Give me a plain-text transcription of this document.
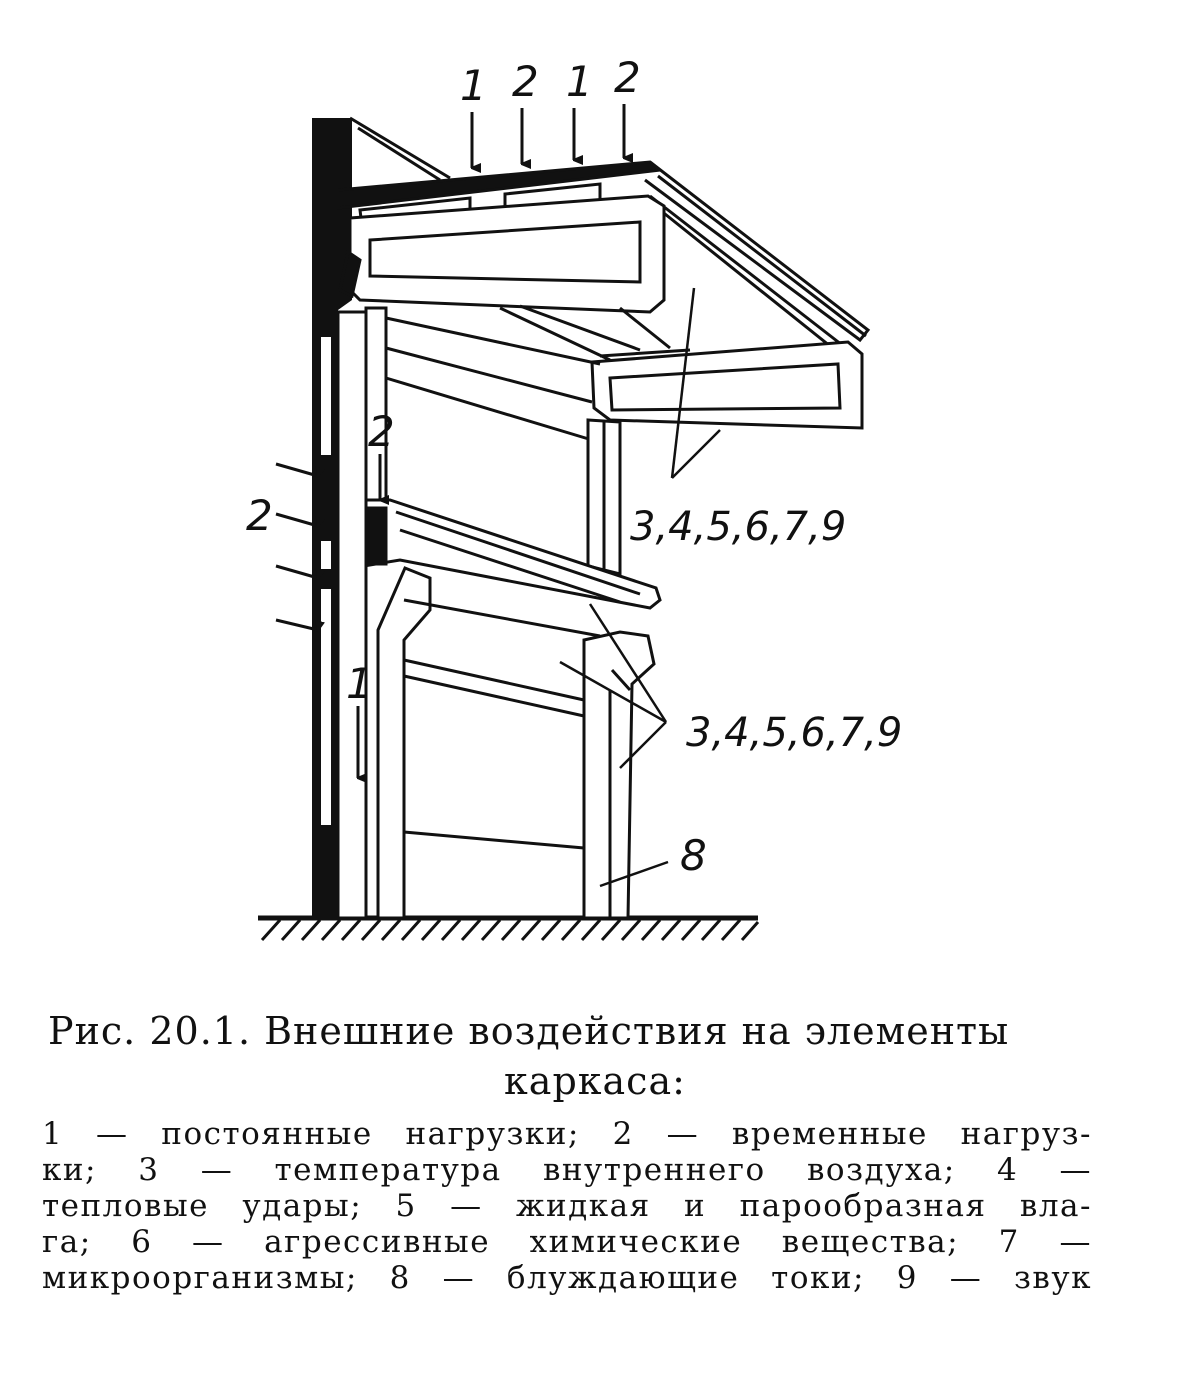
1 2 1 2
2
2
1
3,4,5,6,7,9
3,4,5,6,7,9
8
Рис. 20.1. Внешние воздействия на элементы
каркаса:
1 — постоянные нагрузки; 2 — временные нагруз-
ки; 3 — температура внутреннего воздуха; 4 —
тепловые удары; 5 — жидкая и парообразная вла-
га; 6 — агрессивные химические вещества; 7 —
микроорганизмы; 8 — блуждающие токи; 9 — звук
